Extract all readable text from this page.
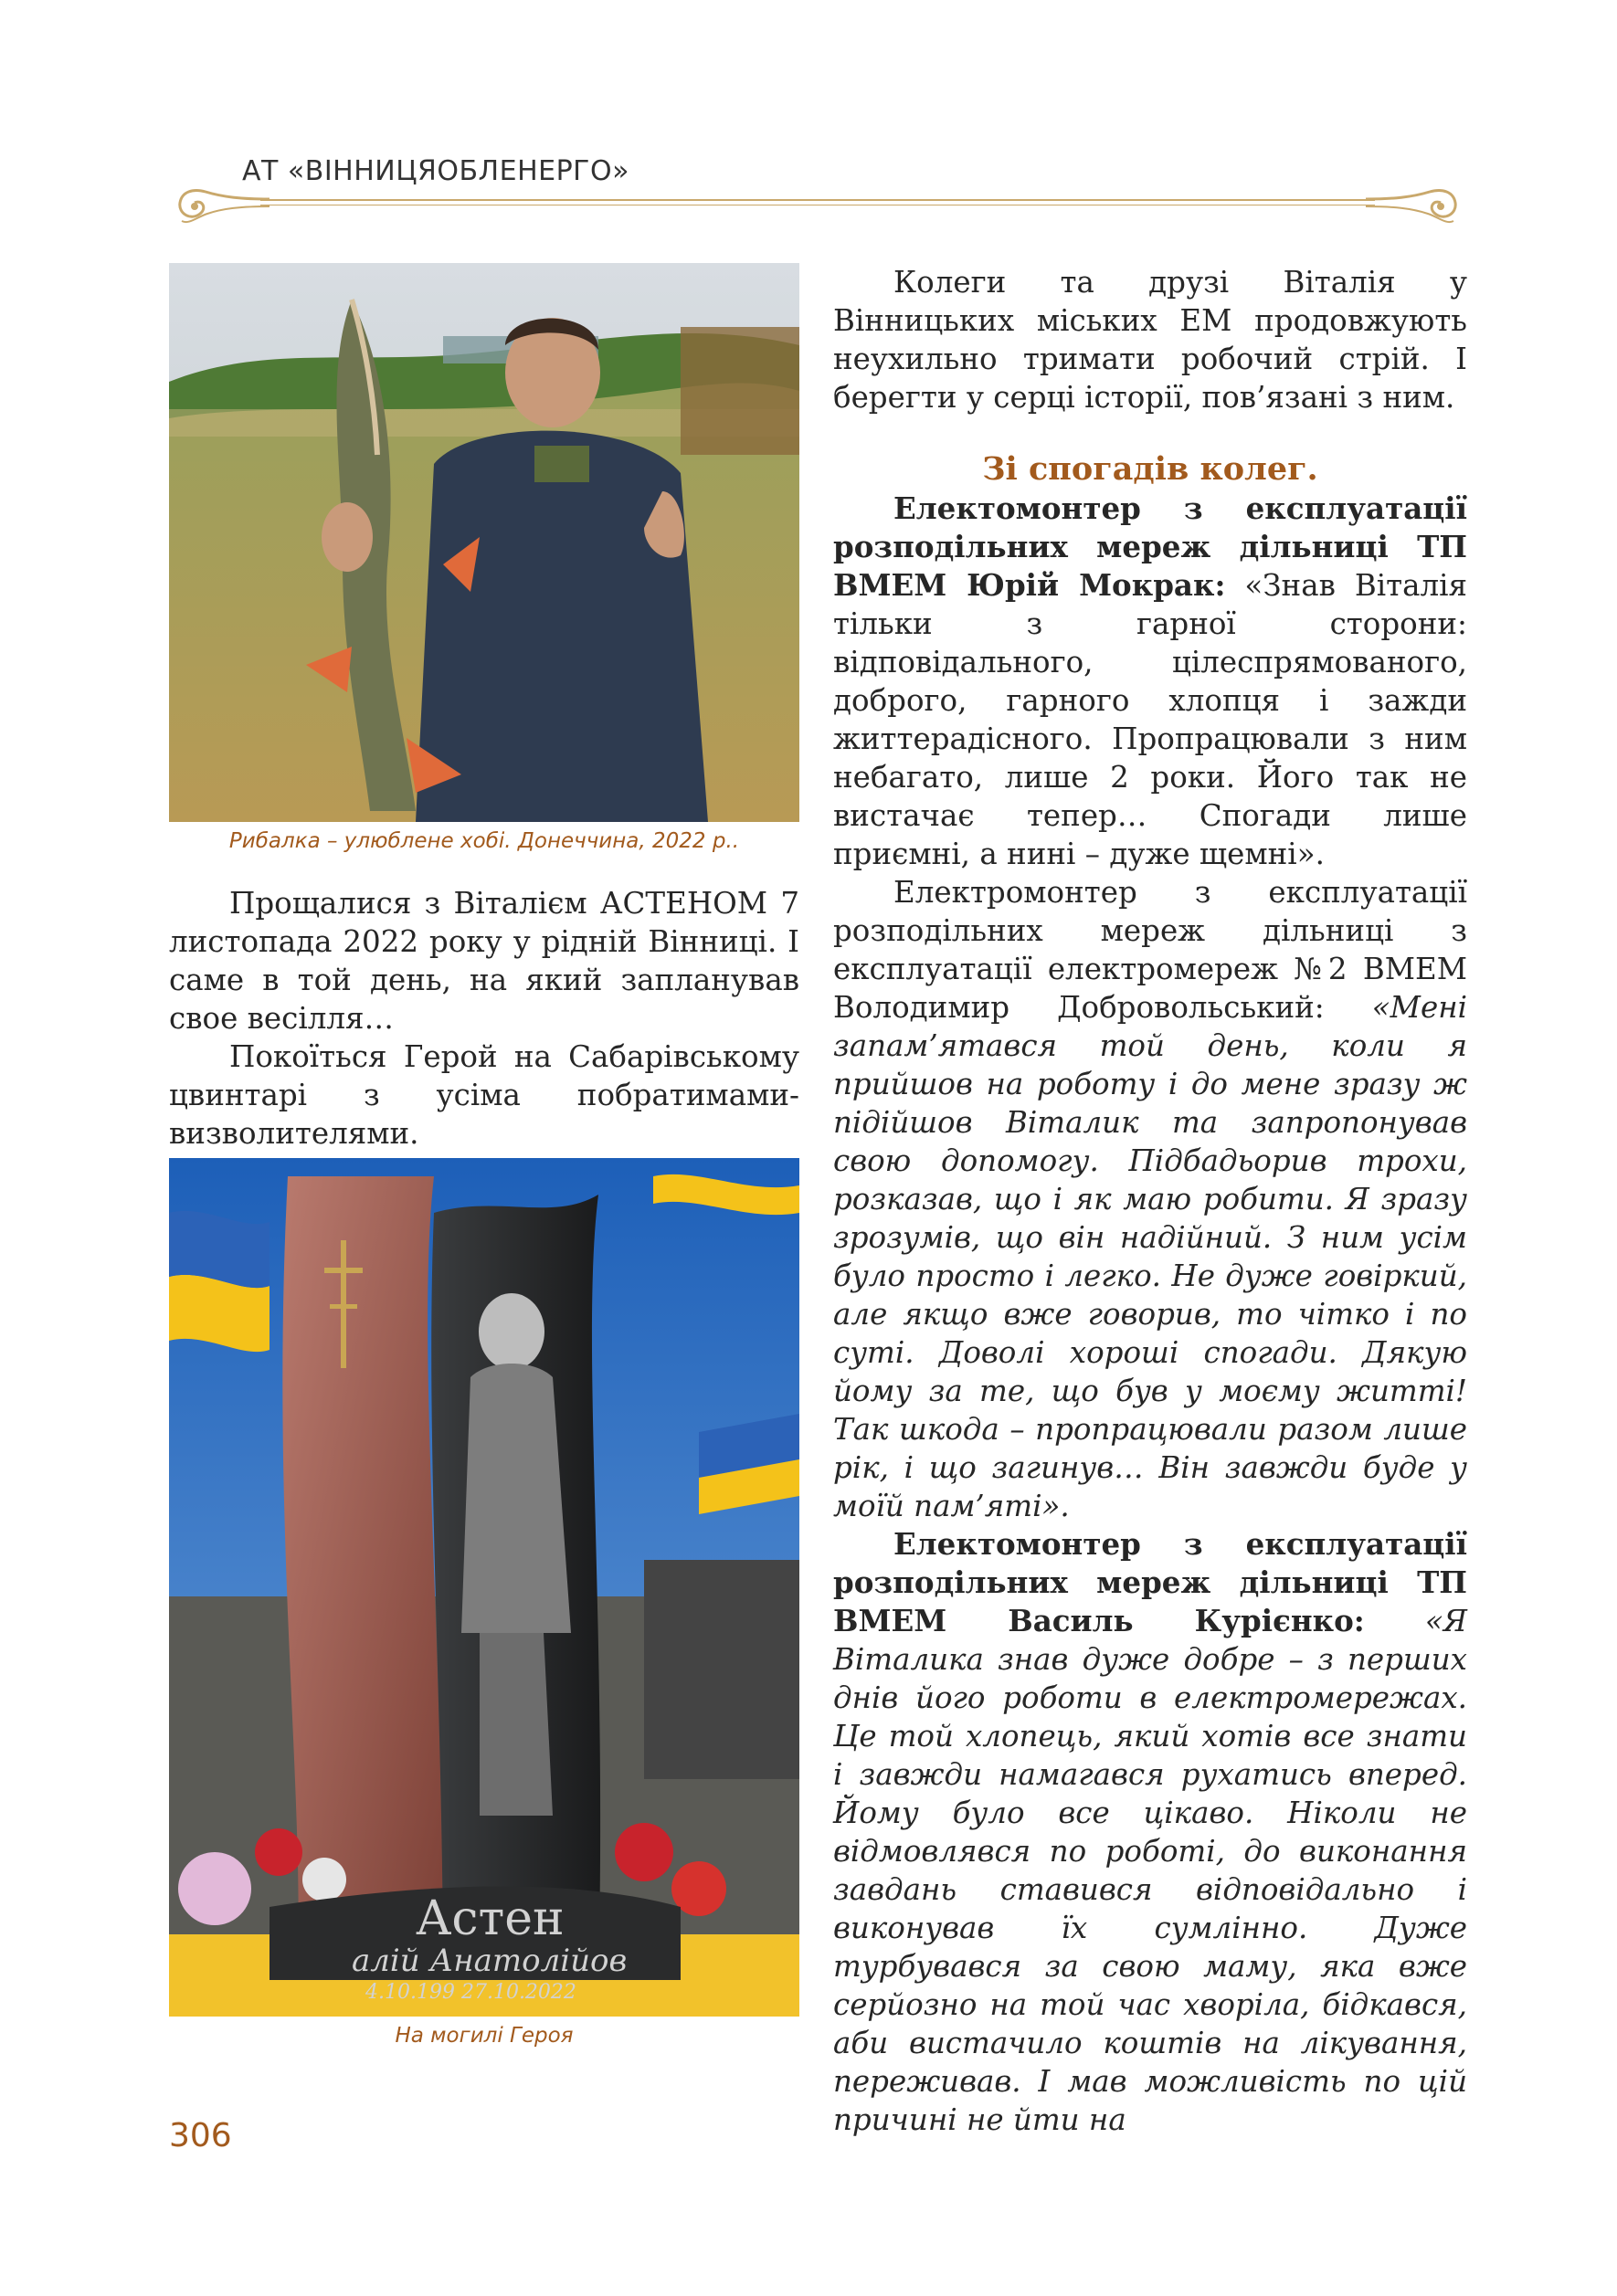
АТ «ВІННИЦЯОБЛЕНЕРГО»
Рибалка – улюблене хобі. Донеччина, 2022 р..

Прощалися з Віталієм АСТЕНОМ 7 листопада 2022 року у рідній Вінниці. І саме в той день, на який запланував свое весілля…

Покоїться Герой на Сабарівському цвинтарі з усіма побратимами-визволителями.

Астен
алій Анатолійов
4.10.199 27.10.2022
На могилі Героя

Колеги та друзі Віталія у Вінницьких міських ЕМ продовжують неухильно тримати робочий стрій. І берегти у серці історії, пов’язані з ним.

Зі спогадів колег.

Електомонтер з експлуатації розподільних мереж дільниці ТП ВМЕМ Юрій Мокрак: «Знав Віталія тільки з гарної сторони: відповідального, цілеспрямованого, доброго, гарного хлопця і зажди життерадісного. Пропрацювали з ним небагато, лише 2 роки. Його так не вистачає тепер… Спогади лише приємні, а нині – дуже щемні».

Електромонтер з експлуатації розподільних мереж дільниці з експлуатації електромереж №2 ВМЕМ Володимир Добровольський: «Мені запам’ятався той день, коли я прийшов на роботу і до мене зразу ж підійшов Віталик та запропонував свою допомогу. Підбадьорив трохи, розказав, що і як маю робити. Я зразу зрозумів, що він надійний. З ним усім було просто і легко. Не дуже говіркий, але якщо вже говорив, то чітко і по суті. Доволі хороші спогади. Дякую йому за те, що був у моєму житті! Так шкода – пропрацювали разом лише рік, і що загинув… Він завжди буде у моїй пам’яті».

Електомонтер з експлуатації розподільних мереж дільниці ТП ВМЕМ Василь Курієнко: «Я Віталика знав дуже добре – з перших днів його роботи в електромережах. Це той хлопець, який хотів все знати і завжди намагався рухатись вперед. Йому було все цікаво. Ніколи не відмовлявся по роботі, до виконання завдань ставився відповідально і виконував їх сумлінно. Дуже турбувався за свою маму, яка вже серйозно на той час хворіла, бідкався, аби вистачило коштів на лікування, переживав. І мав можливість по цій причині не йти на

306
